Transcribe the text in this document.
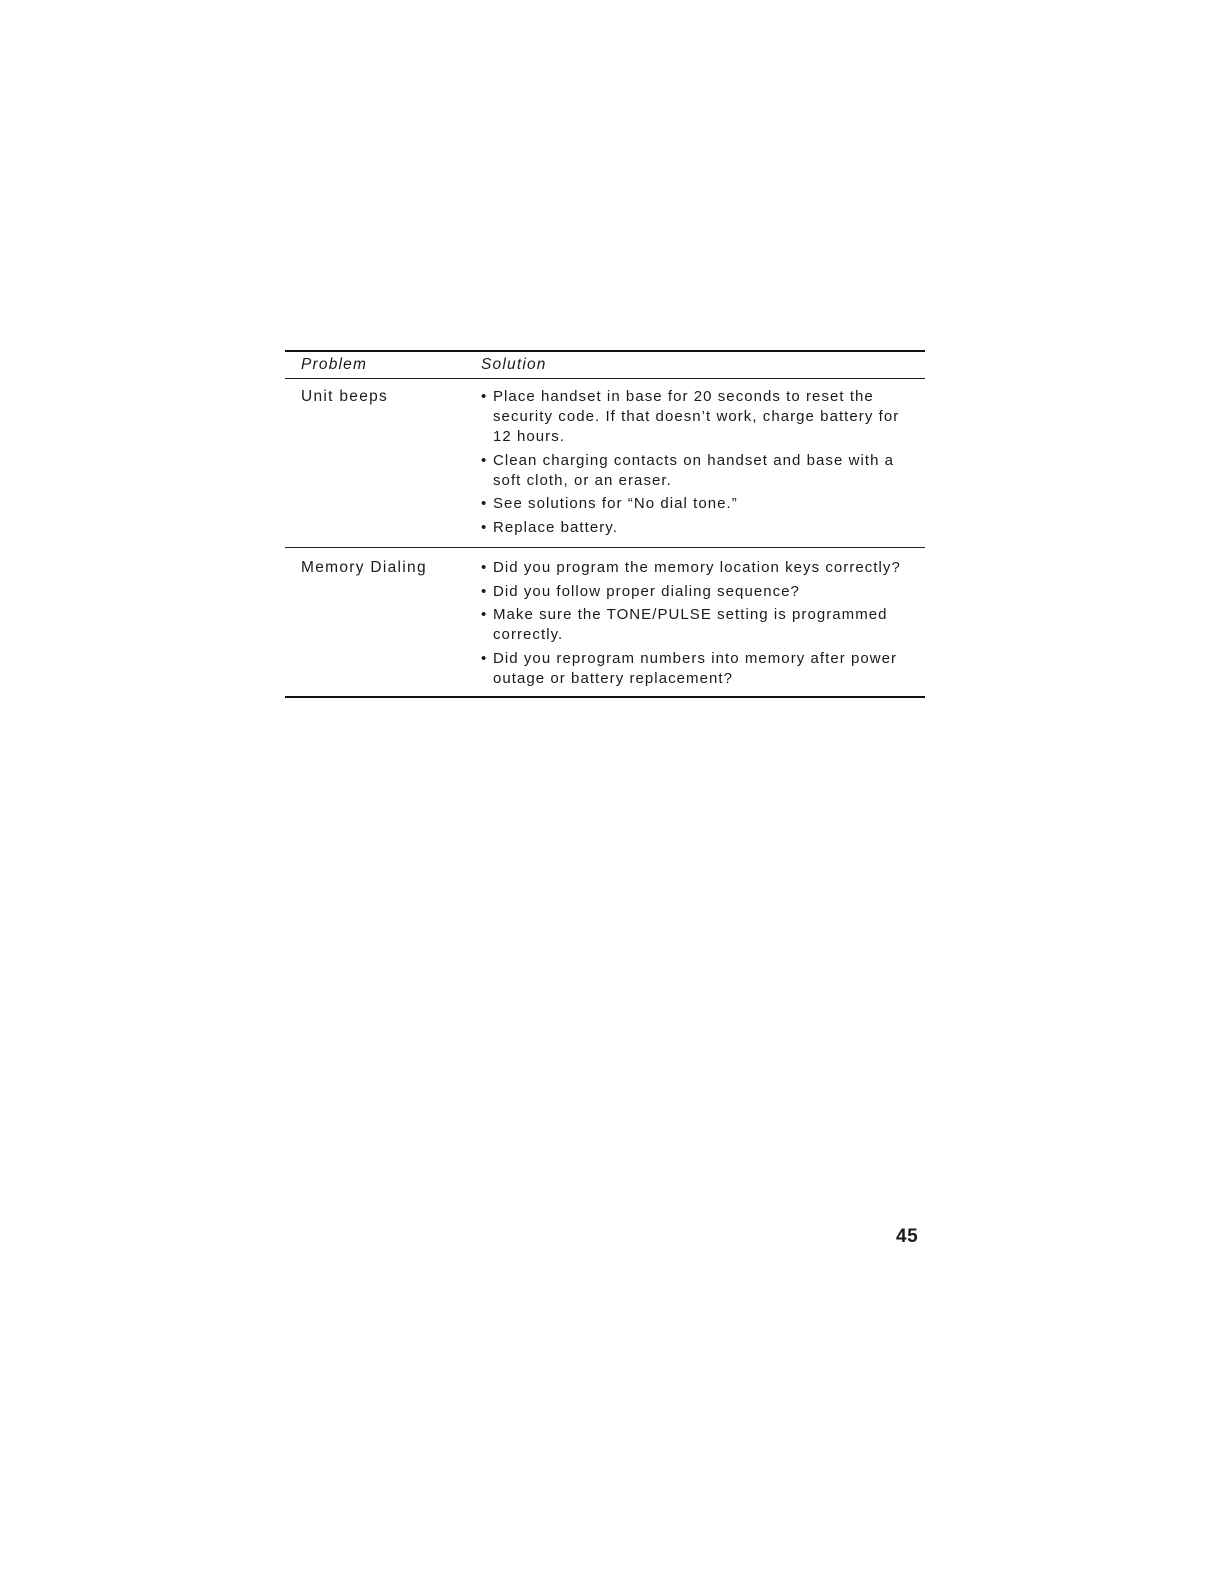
Problem	Solution
Unit beeps	• Place handset in base for 20 seconds to reset the security code. If that doesn’t work, charge battery for 12 hours.
• Clean charging contacts on handset and base with a soft cloth, or an eraser.
• See solutions for “No dial tone.”
• Replace battery.
Memory Dialing	• Did you program the memory location keys correctly?
• Did you follow proper dialing sequence?
• Make sure the TONE/PULSE setting is programmed correctly.
• Did you reprogram numbers into memory after power outage or battery replacement?
45
